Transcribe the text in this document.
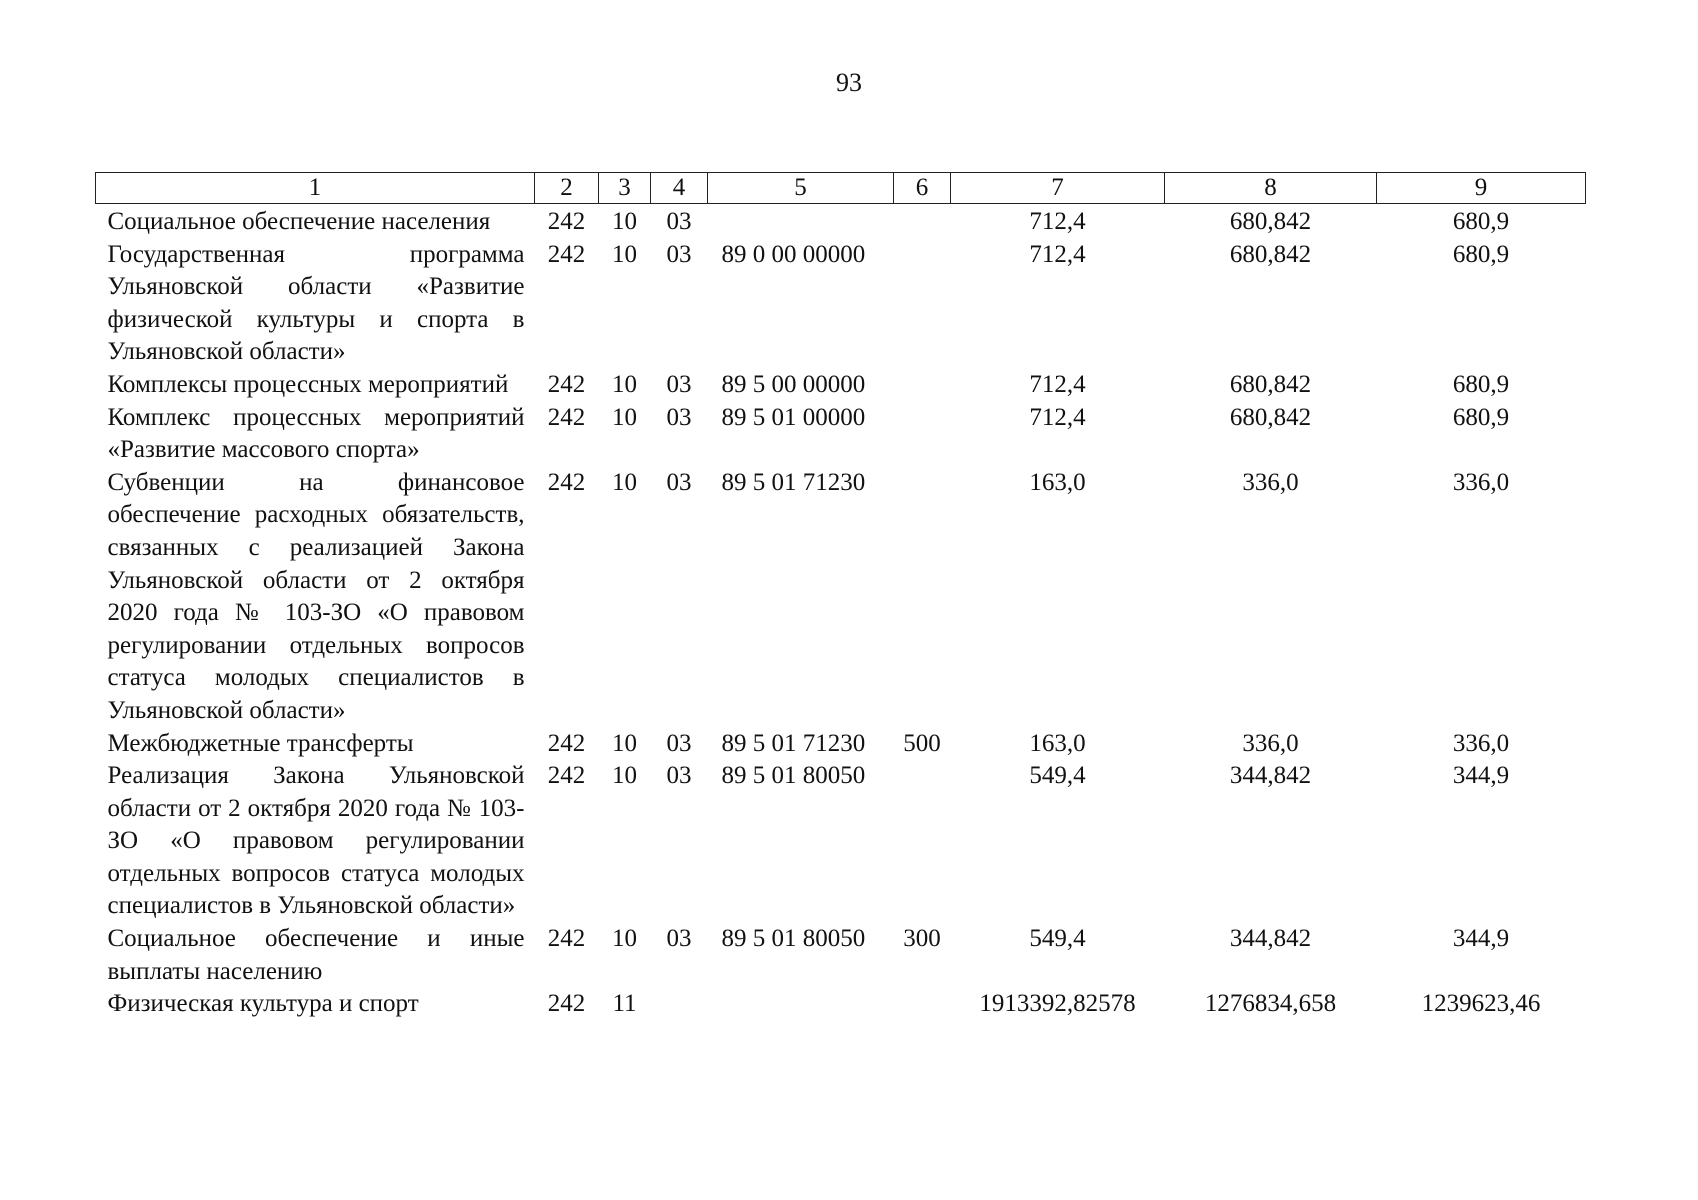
93
1	2	3	4	5	6	7	8	9
Социальное обеспечение населения	242	10	03			712,4	680,842	680,9
Государственная программа Ульяновской области «Развитие физической культуры и спорта в Ульяновской области»	242	10	03	89 0 00 00000		712,4	680,842	680,9
Комплексы процессных мероприятий	242	10	03	89 5 00 00000		712,4	680,842	680,9
Комплекс процессных мероприятий «Развитие массового спорта»	242	10	03	89 5 01 00000		712,4	680,842	680,9
Субвенции на финансовое обеспечение расходных обязательств, связанных с реализацией Закона Ульяновской области от 2 октября 2020 года № 103-ЗО «О правовом регулировании отдельных вопросов статуса молодых специалистов в Ульяновской области»	242	10	03	89 5 01 71230		163,0	336,0	336,0
Межбюджетные трансферты	242	10	03	89 5 01 71230	500	163,0	336,0	336,0
Реализация Закона Ульяновской области от 2 октября 2020 года № 103-ЗО «О правовом регулировании отдельных вопросов статуса молодых специалистов в Ульяновской области»	242	10	03	89 5 01 80050		549,4	344,842	344,9
Социальное обеспечение и иные выплаты населению	242	10	03	89 5 01 80050	300	549,4	344,842	344,9
Физическая культура и спорт	242	11				1913392,82578	1276834,658	1239623,46
